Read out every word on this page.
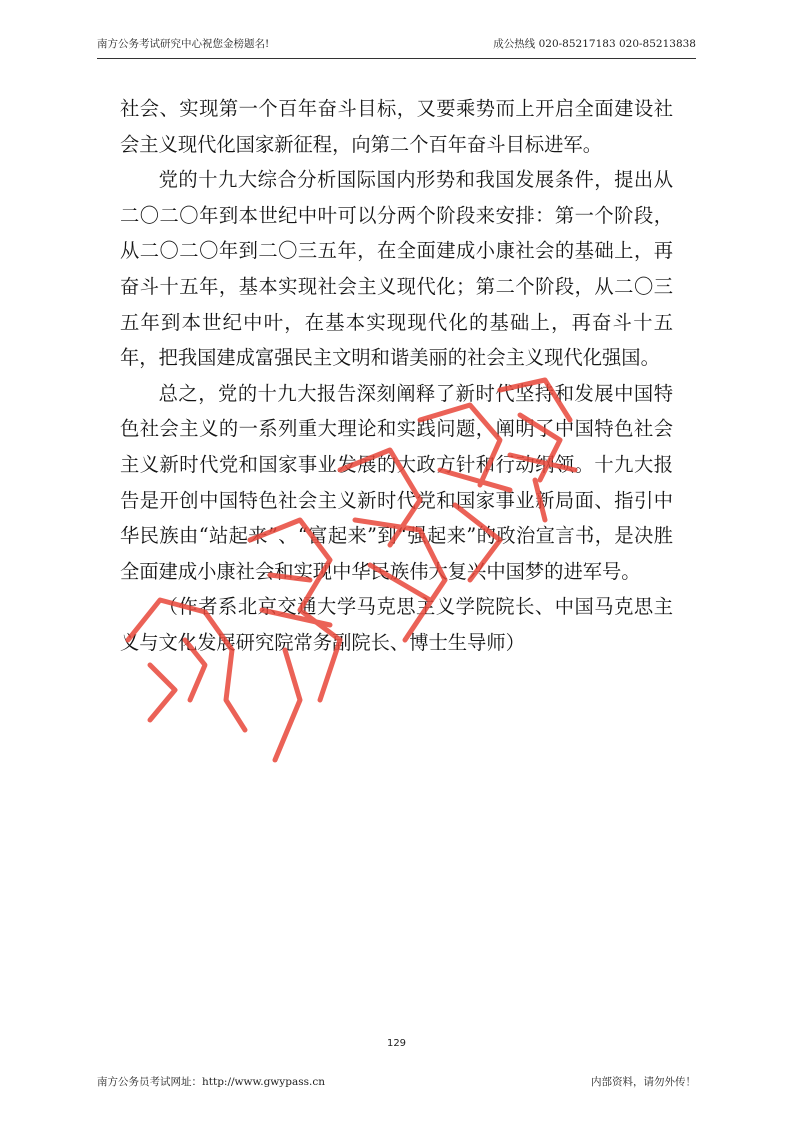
南方公务考试研究中心祝您金榜题名!	成公热线 020-85217183 020-85213838

社会、实现第一个百年奋斗目标，又要乘势而上开启全面建设社会主义现代化国家新征程，向第二个百年奋斗目标进军。

党的十九大综合分析国际国内形势和我国发展条件，提出从二〇二〇年到本世纪中叶可以分两个阶段来安排：第一个阶段，从二〇二〇年到二〇三五年，在全面建成小康社会的基础上，再奋斗十五年，基本实现社会主义现代化；第二个阶段，从二〇三五年到本世纪中叶，在基本实现现代化的基础上，再奋斗十五年，把我国建成富强民主文明和谐美丽的社会主义现代化强国。

总之，党的十九大报告深刻阐释了新时代坚持和发展中国特色社会主义的一系列重大理论和实践问题，阐明了中国特色社会主义新时代党和国家事业发展的大政方针和行动纲领。十九大报告是开创中国特色社会主义新时代党和国家事业新局面、指引中华民族由“站起来”、“富起来”到“强起来”的政治宣言书，是决胜全面建成小康社会和实现中华民族伟大复兴中国梦的进军号。

（作者系北京交通大学马克思主义学院院长、中国马克思主义与文化发展研究院常务副院长、博士生导师）

129
南方公务员考试网址：http://www.gwypass.cn	内部资料，请勿外传！
